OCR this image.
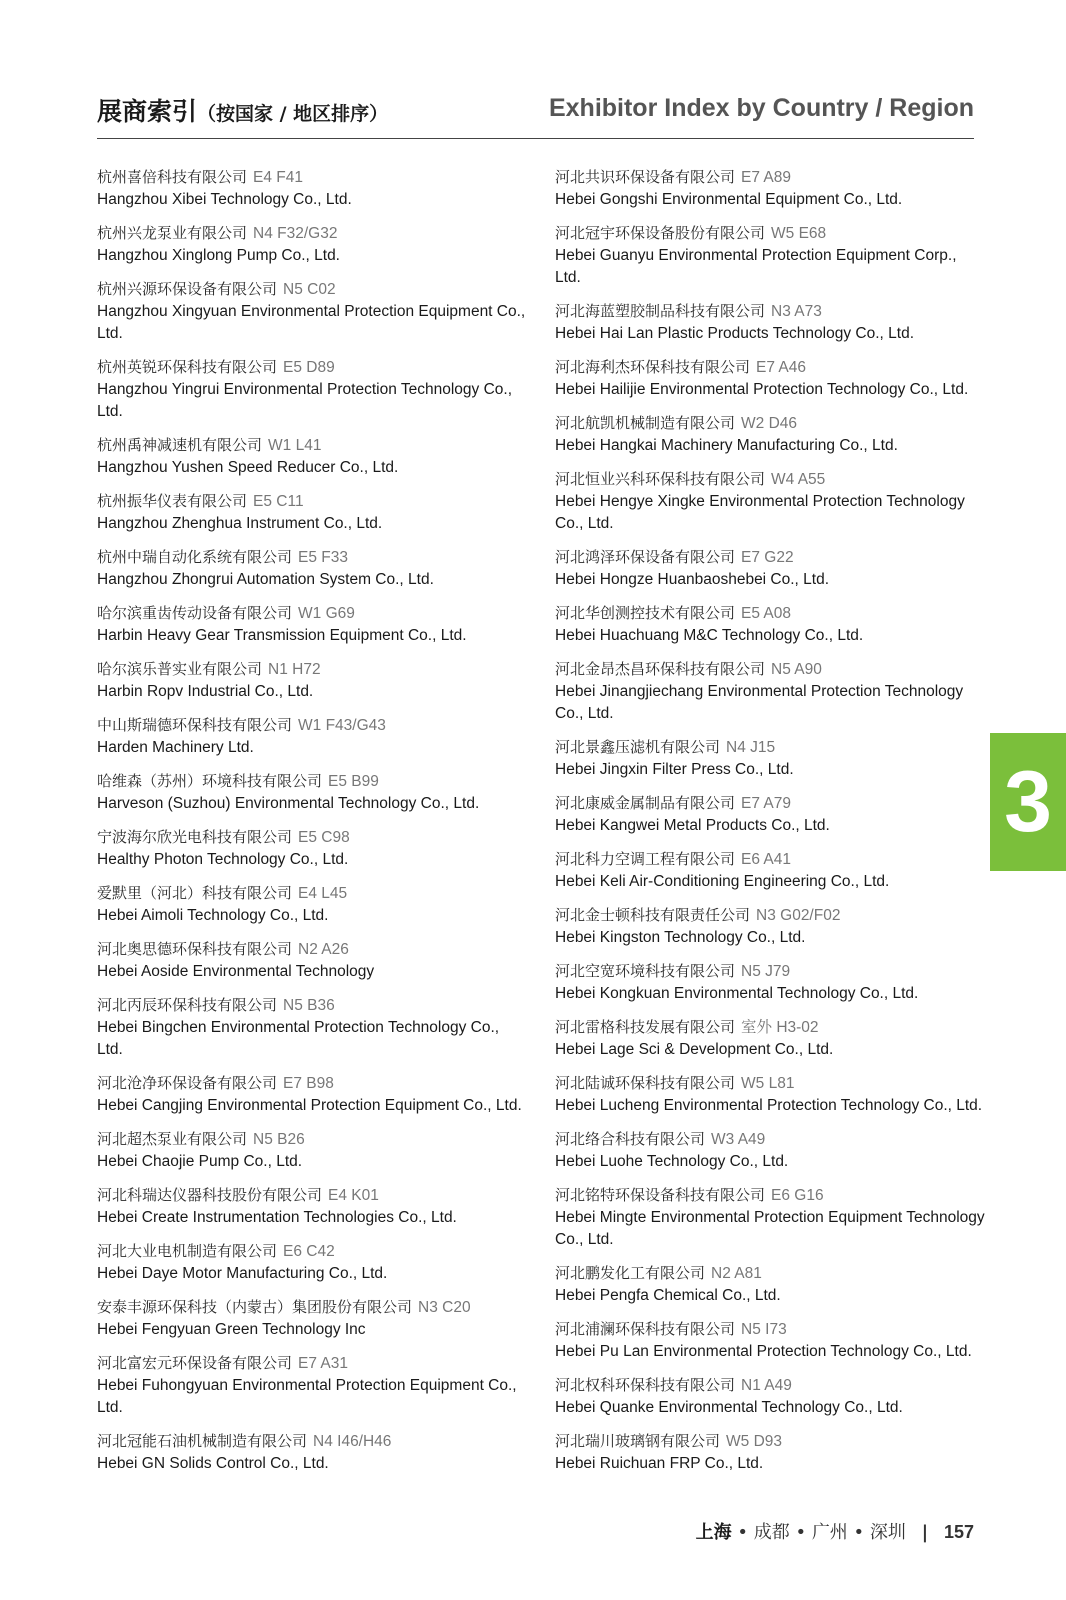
展商索引（按国家 / 地区排序）	Exhibitor Index by Country / Region
杭州喜倍科技有限公司 E4 F41
Hangzhou Xibei Technology Co., Ltd.
杭州兴龙泵业有限公司 N4 F32/G32
Hangzhou Xinglong Pump Co., Ltd.
杭州兴源环保设备有限公司 N5 C02
Hangzhou Xingyuan Environmental Protection Equipment Co., Ltd.
杭州英锐环保科技有限公司 E5 D89
Hangzhou Yingrui Environmental Protection Technology Co., Ltd.
杭州禹神减速机有限公司 W1 L41
Hangzhou Yushen Speed Reducer Co., Ltd.
杭州振华仪表有限公司 E5 C11
Hangzhou Zhenghua Instrument Co., Ltd.
杭州中瑞自动化系统有限公司 E5 F33
Hangzhou Zhongrui Automation System Co., Ltd.
哈尔滨重齿传动设备有限公司 W1 G69
Harbin Heavy Gear Transmission Equipment Co., Ltd.
哈尔滨乐普实业有限公司 N1 H72
Harbin Ropv Industrial Co., Ltd.
中山斯瑞德环保科技有限公司 W1 F43/G43
Harden Machinery Ltd.
哈维森（苏州）环境科技有限公司 E5 B99
Harveson (Suzhou) Environmental Technology Co., Ltd.
宁波海尔欣光电科技有限公司 E5 C98
Healthy Photon Technology Co., Ltd.
爱默里（河北）科技有限公司 E4 L45
Hebei Aimoli Technology Co., Ltd.
河北奥思德环保科技有限公司 N2 A26
Hebei Aoside Environmental Technology
河北丙辰环保科技有限公司 N5 B36
Hebei Bingchen Environmental Protection Technology Co., Ltd.
河北沧净环保设备有限公司 E7 B98
Hebei Cangjing Environmental Protection Equipment Co., Ltd.
河北超杰泵业有限公司 N5 B26
Hebei Chaojie Pump Co., Ltd.
河北科瑞达仪器科技股份有限公司 E4 K01
Hebei Create Instrumentation Technologies Co., Ltd.
河北大业电机制造有限公司 E6 C42
Hebei Daye Motor Manufacturing Co., Ltd.
安泰丰源环保科技（内蒙古）集团股份有限公司 N3 C20
Hebei Fengyuan Green Technology Inc
河北富宏元环保设备有限公司 E7 A31
Hebei Fuhongyuan Environmental Protection Equipment Co., Ltd.
河北冠能石油机械制造有限公司 N4 I46/H46
Hebei GN Solids Control Co., Ltd.
河北共识环保设备有限公司 E7 A89
Hebei Gongshi Environmental Equipment Co., Ltd.
河北冠宇环保设备股份有限公司 W5 E68
Hebei Guanyu Environmental Protection Equipment Corp., Ltd.
河北海蓝塑胶制品科技有限公司 N3 A73
Hebei Hai Lan Plastic Products Technology Co., Ltd.
河北海利杰环保科技有限公司 E7 A46
Hebei Hailijie Environmental Protection Technology Co., Ltd.
河北航凯机械制造有限公司 W2 D46
Hebei Hangkai Machinery Manufacturing Co., Ltd.
河北恒业兴科环保科技有限公司 W4 A55
Hebei Hengye Xingke Environmental Protection Technology Co., Ltd.
河北鸿泽环保设备有限公司 E7 G22
Hebei Hongze Huanbaoshebei Co., Ltd.
河北华创测控技术有限公司 E5 A08
Hebei Huachuang M&C Technology Co., Ltd.
河北金昂杰昌环保科技有限公司 N5 A90
Hebei Jinangjiechang Environmental Protection Technology Co., Ltd.
河北景鑫压滤机有限公司 N4 J15
Hebei Jingxin Filter Press Co., Ltd.
河北康威金属制品有限公司 E7 A79
Hebei Kangwei Metal Products Co., Ltd.
河北科力空调工程有限公司 E6 A41
Hebei Keli Air-Conditioning Engineering Co., Ltd.
河北金士顿科技有限责任公司 N3 G02/F02
Hebei Kingston Technology Co., Ltd.
河北空宽环境科技有限公司 N5 J79
Hebei Kongkuan Environmental Technology Co., Ltd.
河北雷格科技发展有限公司 室外 H3-02
Hebei Lage Sci & Development Co., Ltd.
河北陆诚环保科技有限公司 W5 L81
Hebei Lucheng Environmental Protection Technology Co., Ltd.
河北络合科技有限公司 W3 A49
Hebei Luohe Technology Co., Ltd.
河北铭特环保设备科技有限公司 E6 G16
Hebei Mingte Environmental Protection Equipment Technology Co., Ltd.
河北鹏发化工有限公司 N2 A81
Hebei Pengfa Chemical Co., Ltd.
河北浦澜环保科技有限公司 N5 I73
Hebei Pu Lan Environmental Protection Technology Co., Ltd.
河北权科环保科技有限公司 N1 A49
Hebei Quanke Environmental Technology Co., Ltd.
河北瑞川玻璃钢有限公司 W5 D93
Hebei Ruichuan FRP Co., Ltd.
3
上海 • 成都 • 广州 • 深圳 | 157
